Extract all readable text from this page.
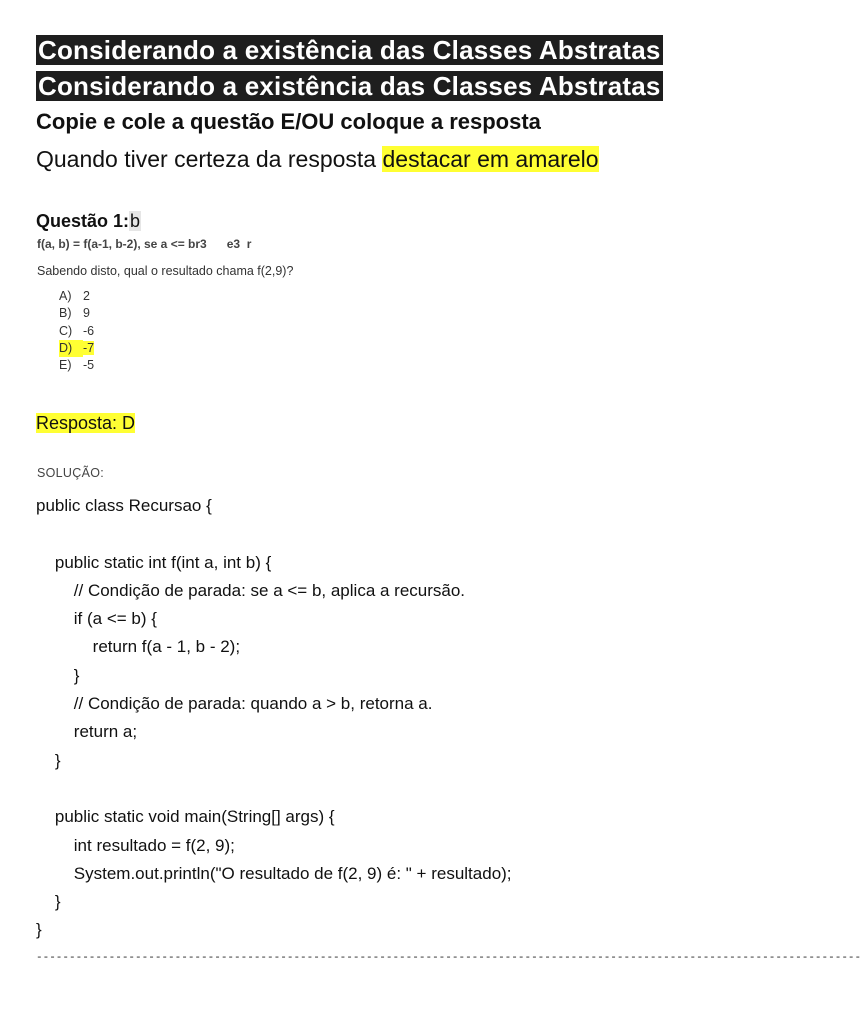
Considerando a existência das Classes Abstratas
Considerando a existência das Classes Abstratas
Copie e cole a questão E/OU coloque a resposta
Quando tiver certeza da resposta destacar em amarelo
Questão 1:b
f(a, b) = f(a-1, b-2), se a <= br3      e3  r
Sabendo disto, qual o resultado chama f(2,9)?
A) 2
B) 9
C) -6
D) -7
E) -5
Resposta: D
SOLUÇÃO:
public class Recursao {

public static int f(int a, int b) {
// Condição de parada: se a <= b, aplica a recursão.
if (a <= b) {
return f(a - 1, b - 2);
}
// Condição de parada: quando a > b, retorna a.
return a;
}

public static void main(String[] args) {
int resultado = f(2, 9);
System.out.println("O resultado de f(2, 9) é: " + resultado);
}
}
-----------------------------------------------------------------------------------------------------------------------------
